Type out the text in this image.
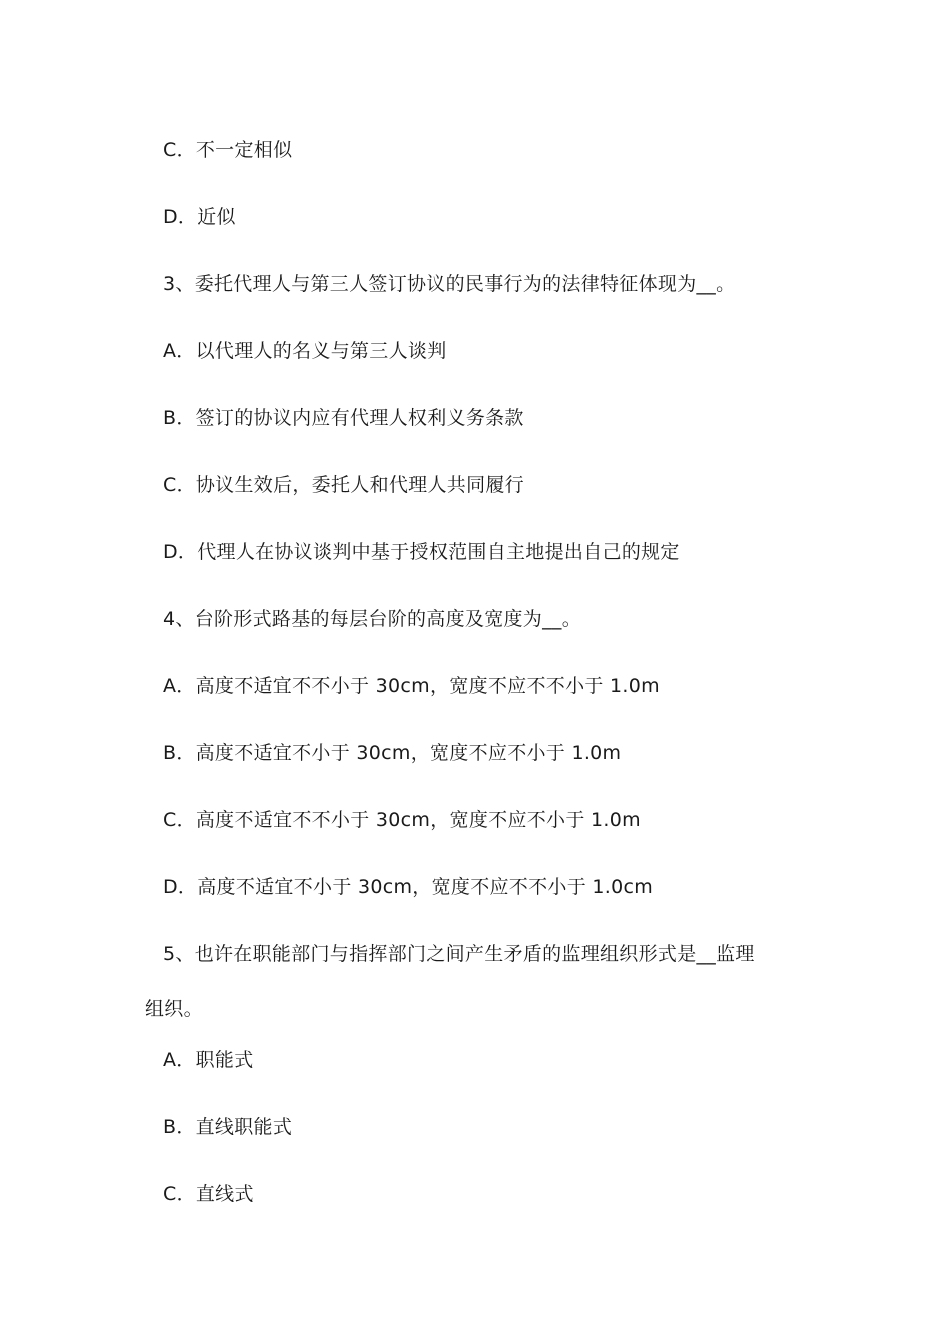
C．不一定相似
D．近似
3、委托代理人与第三人签订协议的民事行为的法律特征体现为__。
A．以代理人的名义与第三人谈判
B．签订的协议内应有代理人权利义务条款
C．协议生效后，委托人和代理人共同履行
D．代理人在协议谈判中基于授权范围自主地提出自己的规定
4、台阶形式路基的每层台阶的高度及宽度为__。
A．高度不适宜不不小于 30cm，宽度不应不不小于 1.0m
B．高度不适宜不小于 30cm，宽度不应不小于 1.0m
C．高度不适宜不不小于 30cm，宽度不应不小于 1.0m
D．高度不适宜不小于 30cm，宽度不应不不小于 1.0cm
5、也许在职能部门与指挥部门之间产生矛盾的监理组织形式是__监理
组织。
A．职能式
B．直线职能式
C．直线式
